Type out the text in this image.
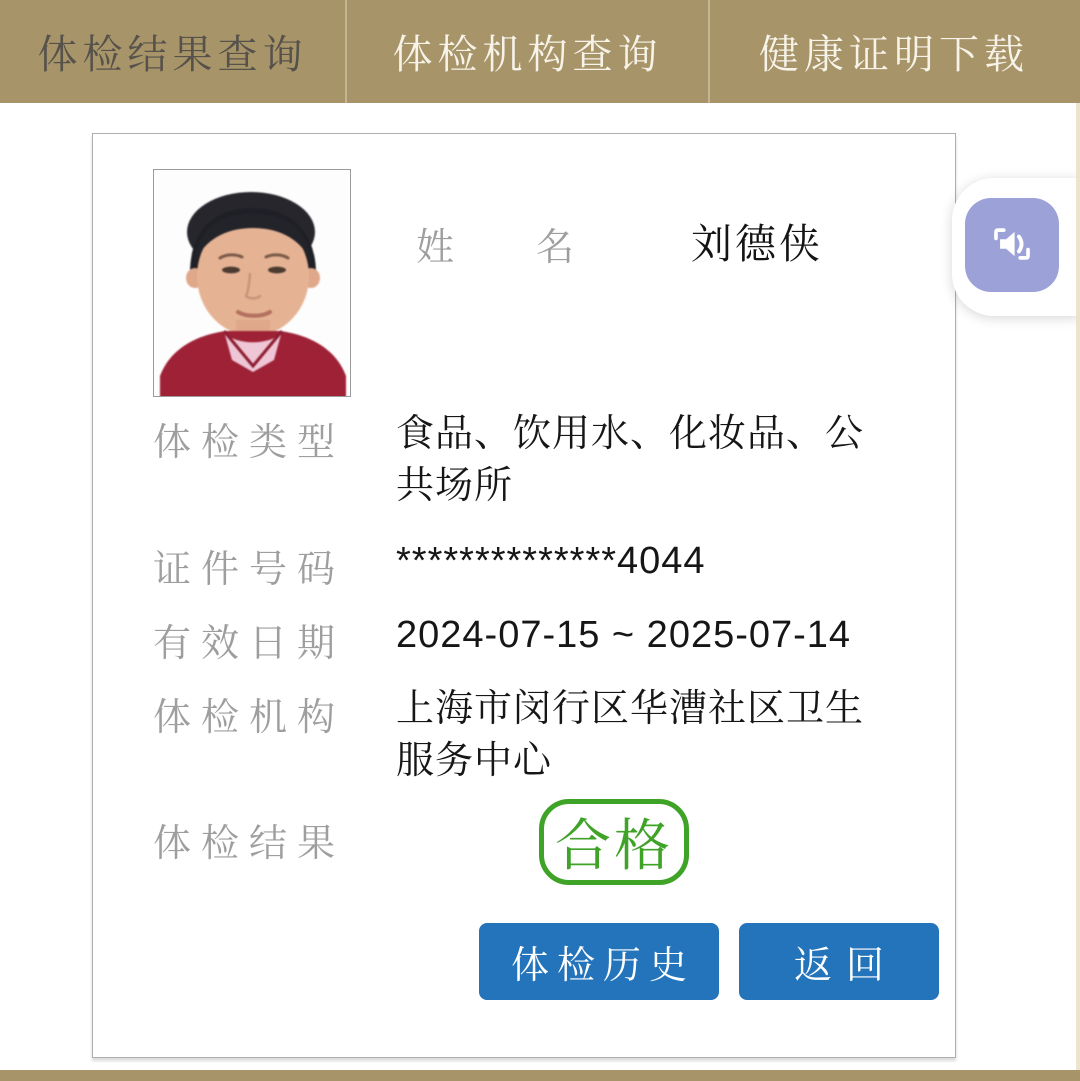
体检结果查询	体检机构查询	健康证明下载
姓　　名	刘德侠
体检类型 食品、饮用水、化妆品、公共场所
证件号码 **************4044
有效日期 2024-07-15 ~ 2025-07-14
体检机构 上海市闵行区华漕社区卫生服务中心
体检结果	合格
体检历史	返回
